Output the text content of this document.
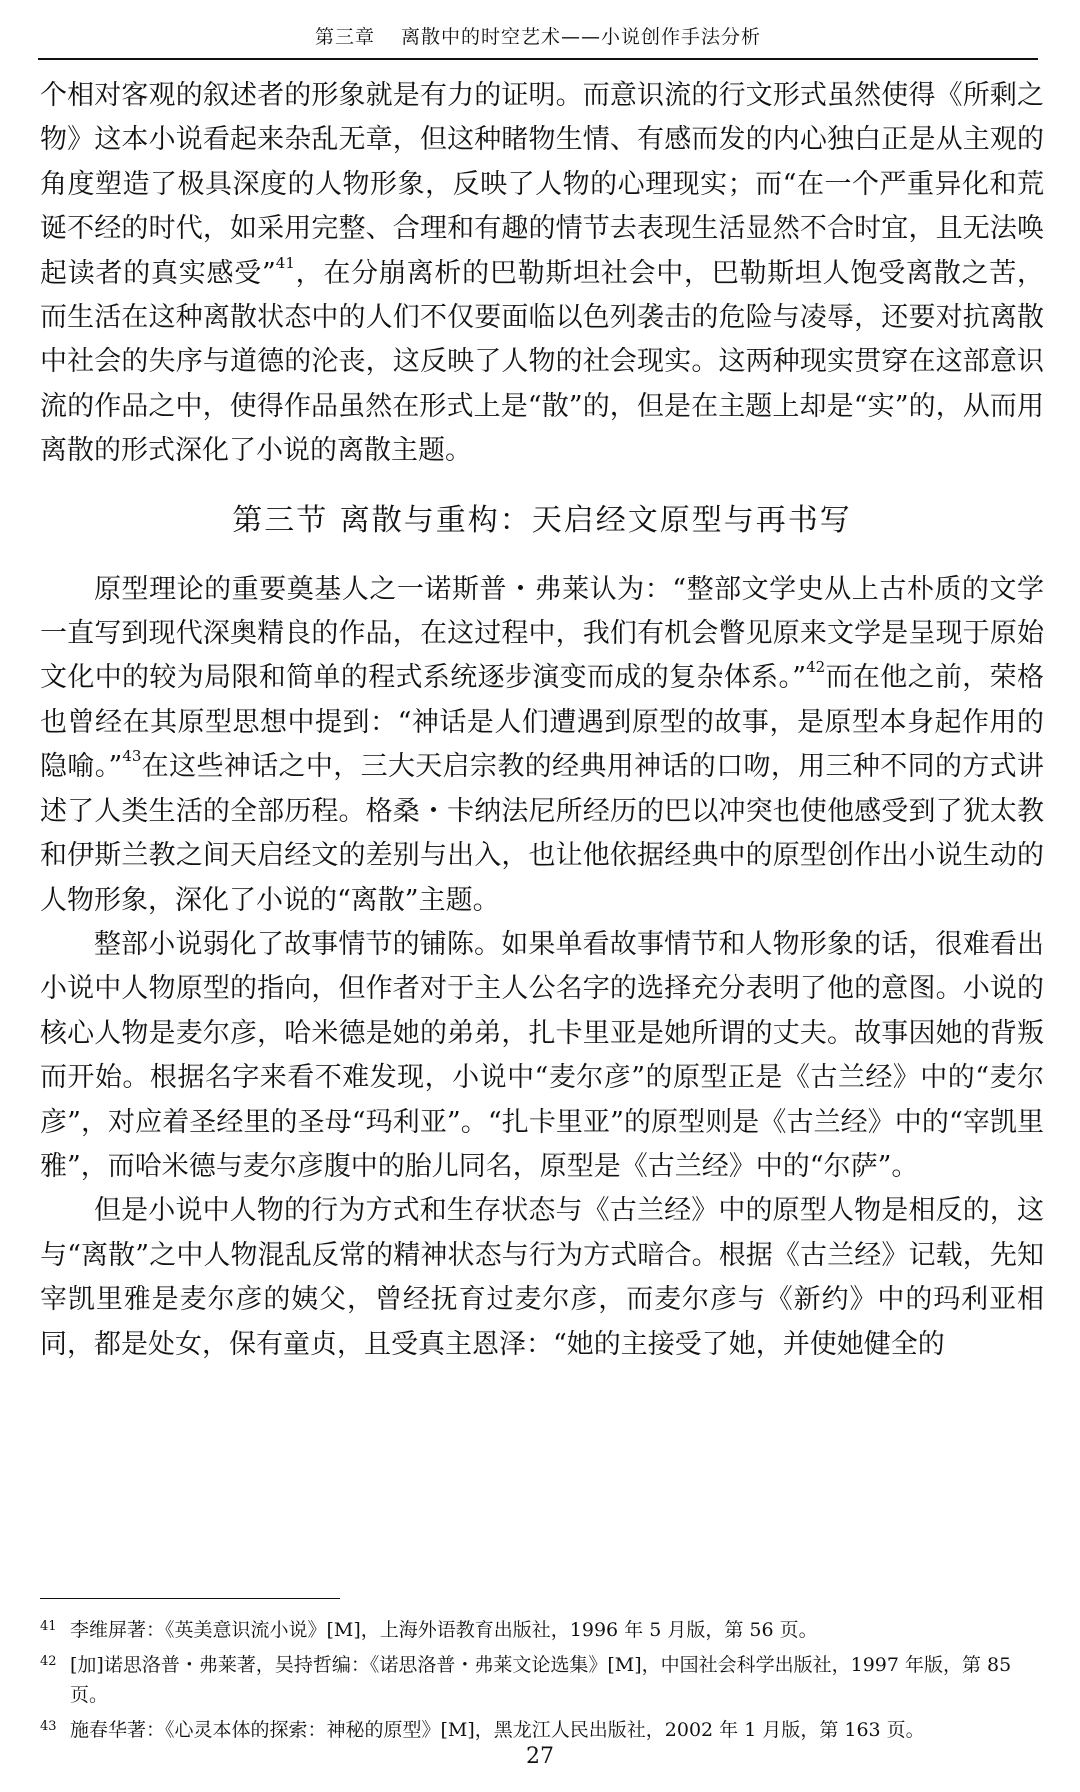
第三章 离散中的时空艺术——小说创作手法分析

个相对客观的叙述者的形象就是有力的证明。而意识流的行文形式虽然使得《所剩之物》这本小说看起来杂乱无章，但这种睹物生情、有感而发的内心独白正是从主观的角度塑造了极具深度的人物形象，反映了人物的心理现实；而“在一个严重异化和荒诞不经的时代，如采用完整、合理和有趣的情节去表现生活显然不合时宜，且无法唤起读者的真实感受”$^{41}$，在分崩离析的巴勒斯坦社会中，巴勒斯坦人饱受离散之苦，而生活在这种离散状态中的人们不仅要面临以色列袭击的危险与凌辱，还要对抗离散中社会的失序与道德的沦丧，这反映了人物的社会现实。这两种现实贯穿在这部意识流的作品之中，使得作品虽然在形式上是“散”的，但是在主题上却是“实”的，从而用离散的形式深化了小说的离散主题。

第三节 离散与重构：天启经文原型与再书写

原型理论的重要奠基人之一诺斯普・弗莱认为：“整部文学史从上古朴质的文学一直写到现代深奥精良的作品，在这过程中，我们有机会瞥见原来文学是呈现于原始文化中的较为局限和简单的程式系统逐步演变而成的复杂体系。”$^{42}$而在他之前，荣格也曾经在其原型思想中提到：“神话是人们遭遇到原型的故事，是原型本身起作用的隐喻。”$^{43}$在这些神话之中，三大天启宗教的经典用神话的口吻，用三种不同的方式讲述了人类生活的全部历程。格桑・卡纳法尼所经历的巴以冲突也使他感受到了犹太教和伊斯兰教之间天启经文的差别与出入，也让他依据经典中的原型创作出小说生动的人物形象，深化了小说的“离散”主题。

整部小说弱化了故事情节的铺陈。如果单看故事情节和人物形象的话，很难看出小说中人物原型的指向，但作者对于主人公名字的选择充分表明了他的意图。小说的核心人物是麦尔彦，哈米德是她的弟弟，扎卡里亚是她所谓的丈夫。故事因她的背叛而开始。根据名字来看不难发现，小说中“麦尔彦”的原型正是《古兰经》中的“麦尔彦”，对应着圣经里的圣母“玛利亚”。“扎卡里亚”的原型则是《古兰经》中的“宰凯里雅”，而哈米德与麦尔彦腹中的胎儿同名，原型是《古兰经》中的“尔萨”。

但是小说中人物的行为方式和生存状态与《古兰经》中的原型人物是相反的，这与“离散”之中人物混乱反常的精神状态与行为方式暗合。根据《古兰经》记载，先知宰凯里雅是麦尔彦的姨父，曾经抚育过麦尔彦，而麦尔彦与《新约》中的玛利亚相同，都是处女，保有童贞，且受真主恩泽：“她的主接受了她，并使她健全的

41 李维屏著：《英美意识流小说》[M]，上海外语教育出版社，1996 年 5 月版，第 56 页。
42 [加]诺思洛普・弗莱著，吴持哲编：《诺思洛普・弗莱文论选集》[M]，中国社会科学出版社，1997 年版，第 85 页。
43 施春华著：《心灵本体的探索：神秘的原型》[M]，黑龙江人民出版社，2002 年 1 月版，第 163 页。
27
